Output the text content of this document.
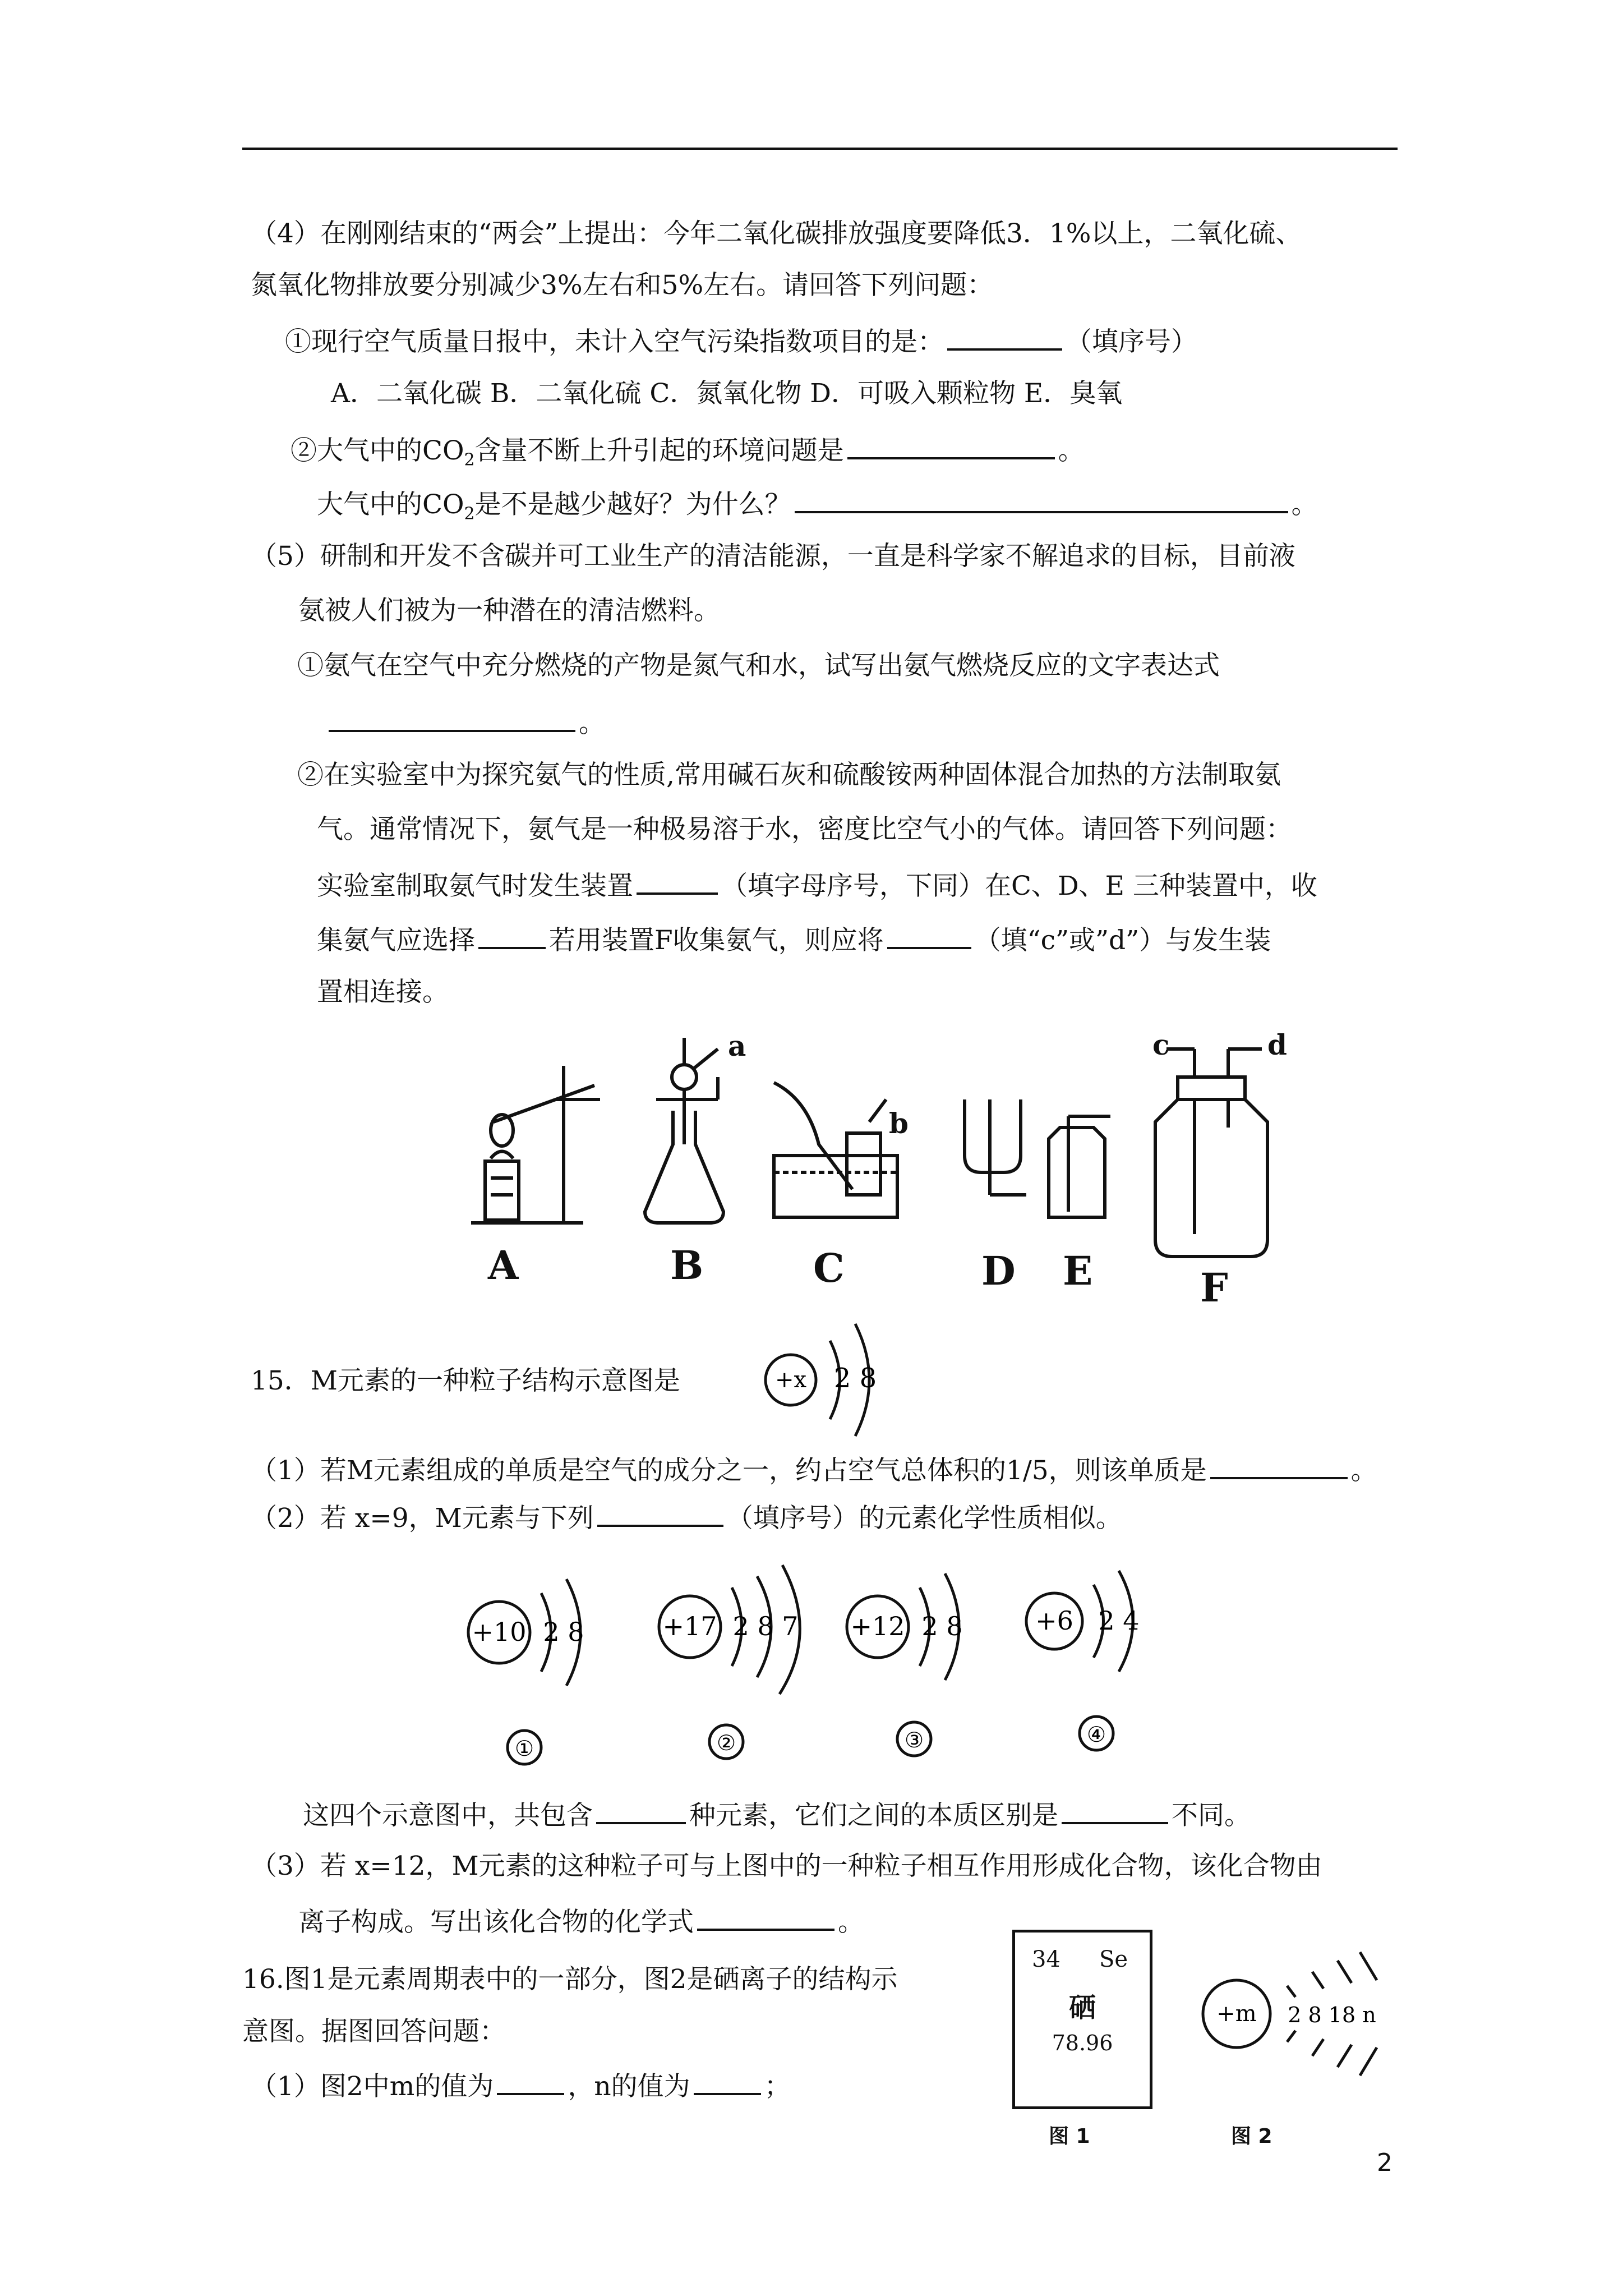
（4）在刚刚结束的“两会”上提出：今年二氧化碳排放强度要降低3．1%以上，二氧化硫、
氮氧化物排放要分别减少3%左右和5%左右。请回答下列问题：
①现行空气质量日报中，未计入空气污染指数项目的是：	（填序号）
A．二氧化碳 B．二氧化硫 C．氮氧化物 D．可吸入颗粒物 E．臭氧
②大气中的$CO_2$含量不断上升引起的环境问题是	。
大气中的$CO_2$是不是越少越好？为什么？	。
（5）研制和开发不含碳并可工业生产的清洁能源，一直是科学家不解追求的目标，目前液
氨被人们被为一种潜在的清洁燃料。
①氨气在空气中充分燃烧的产物是氮气和水，试写出氨气燃烧反应的文字表达式
。
②在实验室中为探究氨气的性质,常用碱石灰和硫酸铵两种固体混合加热的方法制取氨
气。通常情况下，氨气是一种极易溶于水，密度比空气小的气体。请回答下列问题：
实验室制取氨气时发生装置	（填字母序号，下同）在C、D、E 三种装置中，收
集氨气应选择	若用装置F收集氨气，则应将	（填“c”或”d”）与发生装
置相连接。
A	B	C	D E	F
a
b
c	d
15．M元素的一种粒子结构示意图是	+x 2 8
（1）若M元素组成的单质是空气的成分之一，约占空气总体积的1/5，则该单质是	。
（2）若 x=9，M元素与下列	（填序号）的元素化学性质相似。
+10 2 8
①
+17 2 8 7
②
+12 2 8
③
+6 2 4
④
这四个示意图中，共包含	种元素，它们之间的本质区别是	不同。
（3）若 x=12，M元素的这种粒子可与上图中的一种粒子相互作用形成化合物，该化合物由
离子构成。写出该化合物的化学式	。
16.图1是元素周期表中的一部分，图2是硒离子的结构示
意图。据图回答问题：
（1）图2中m的值为	，n的值为	；
34 Se
硒
78.96
图 1
+m 2 8 18 n
图 2
2
